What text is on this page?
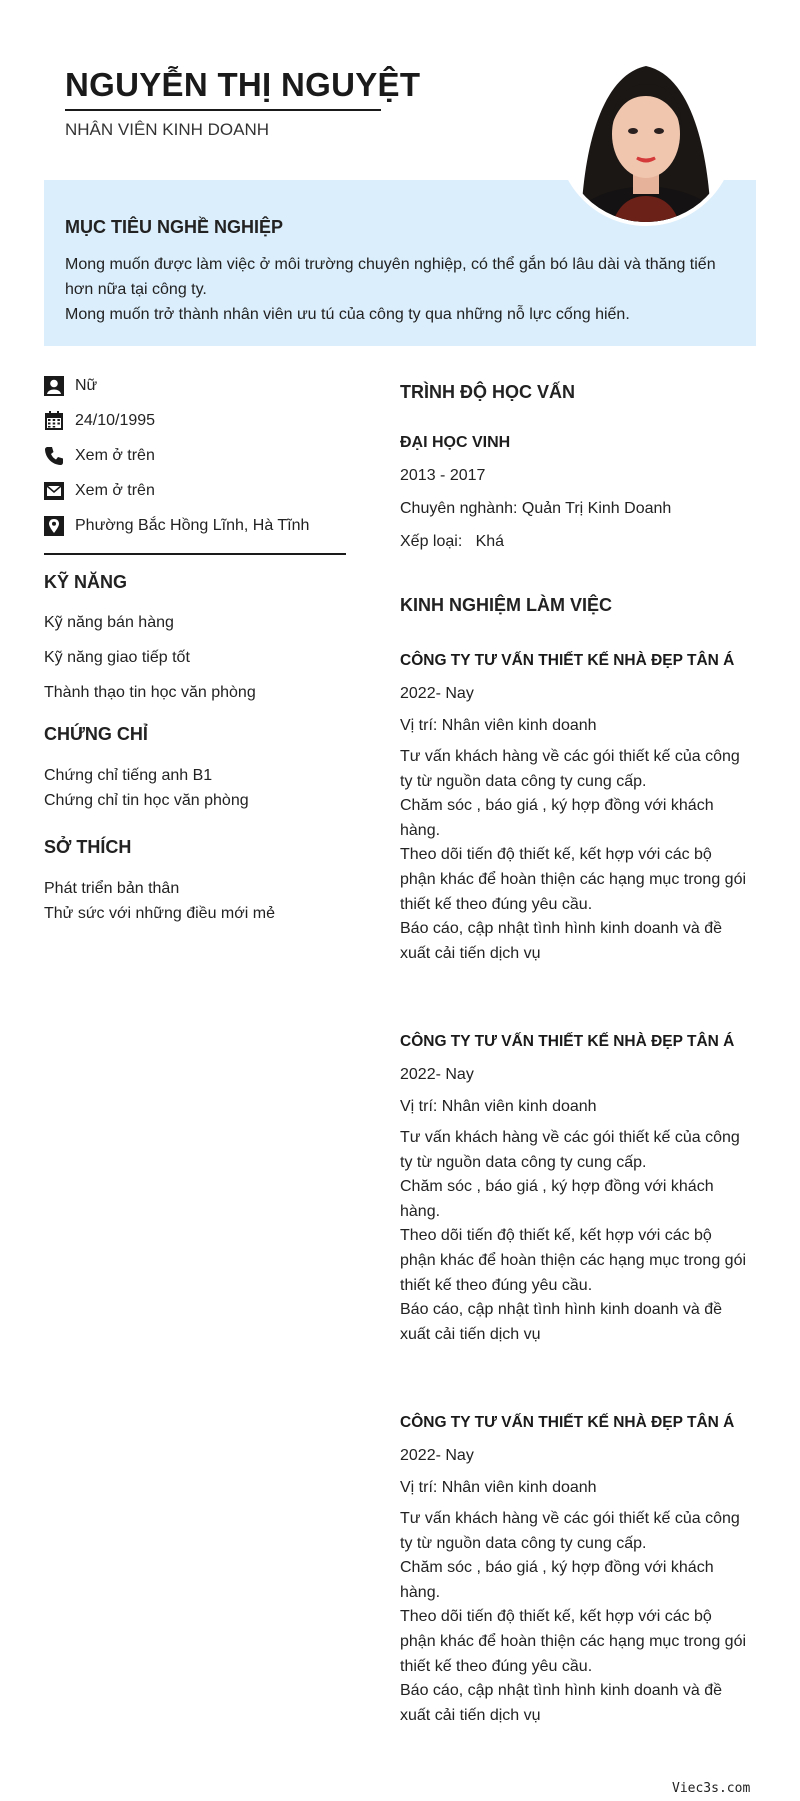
NGUYỄN THỊ NGUYỆT
NHÂN VIÊN KINH DOANH
MỤC TIÊU NGHỀ NGHIỆP
Mong muốn được làm việc ở môi trường chuyên nghiệp, có thể gắn bó lâu dài và thăng tiến hơn nữa tại công ty.
Mong muốn trở thành nhân viên ưu tú của công ty qua những nỗ lực cống hiến.
Nữ
24/10/1995
Xem ở trên
Xem ở trên
Phường Bắc Hồng Lĩnh, Hà Tĩnh
KỸ NĂNG
Kỹ năng bán hàng
Kỹ năng giao tiếp tốt
Thành thạo tin học văn phòng
CHỨNG CHỈ
Chứng chỉ tiếng anh B1
Chứng chỉ tin học văn phòng
SỞ THÍCH
Phát triển bản thân
Thử sức với những điều mới mẻ
TRÌNH ĐỘ HỌC VẤN
ĐẠI HỌC VINH
2013 - 2017
Chuyên nghành: Quản Trị Kinh Doanh
Xếp loại:   Khá
KINH NGHIỆM LÀM VIỆC
CÔNG TY TƯ VẤN THIẾT KẾ NHÀ ĐẸP TÂN Á
2022- Nay
Vị trí: Nhân viên kinh doanh
Tư vấn khách hàng về các gói thiết kế của công ty từ nguồn data công ty cung cấp.
Chăm sóc , báo giá , ký hợp đồng với khách hàng.
Theo dõi tiến độ thiết kế, kết hợp với các bộ phận khác để hoàn thiện các hạng mục trong gói thiết kế theo đúng yêu cầu.
Báo cáo, cập nhật tình hình kinh doanh và đề xuất cải tiến dịch vụ
CÔNG TY TƯ VẤN THIẾT KẾ NHÀ ĐẸP TÂN Á
2022- Nay
Vị trí: Nhân viên kinh doanh
Tư vấn khách hàng về các gói thiết kế của công ty từ nguồn data công ty cung cấp.
Chăm sóc , báo giá , ký hợp đồng với khách hàng.
Theo dõi tiến độ thiết kế, kết hợp với các bộ phận khác để hoàn thiện các hạng mục trong gói thiết kế theo đúng yêu cầu.
Báo cáo, cập nhật tình hình kinh doanh và đề xuất cải tiến dịch vụ
CÔNG TY TƯ VẤN THIẾT KẾ NHÀ ĐẸP TÂN Á
2022- Nay
Vị trí: Nhân viên kinh doanh
Tư vấn khách hàng về các gói thiết kế của công ty từ nguồn data công ty cung cấp.
Chăm sóc , báo giá , ký hợp đồng với khách hàng.
Theo dõi tiến độ thiết kế, kết hợp với các bộ phận khác để hoàn thiện các hạng mục trong gói thiết kế theo đúng yêu cầu.
Báo cáo, cập nhật tình hình kinh doanh và đề xuất cải tiến dịch vụ
Viec3s.com
